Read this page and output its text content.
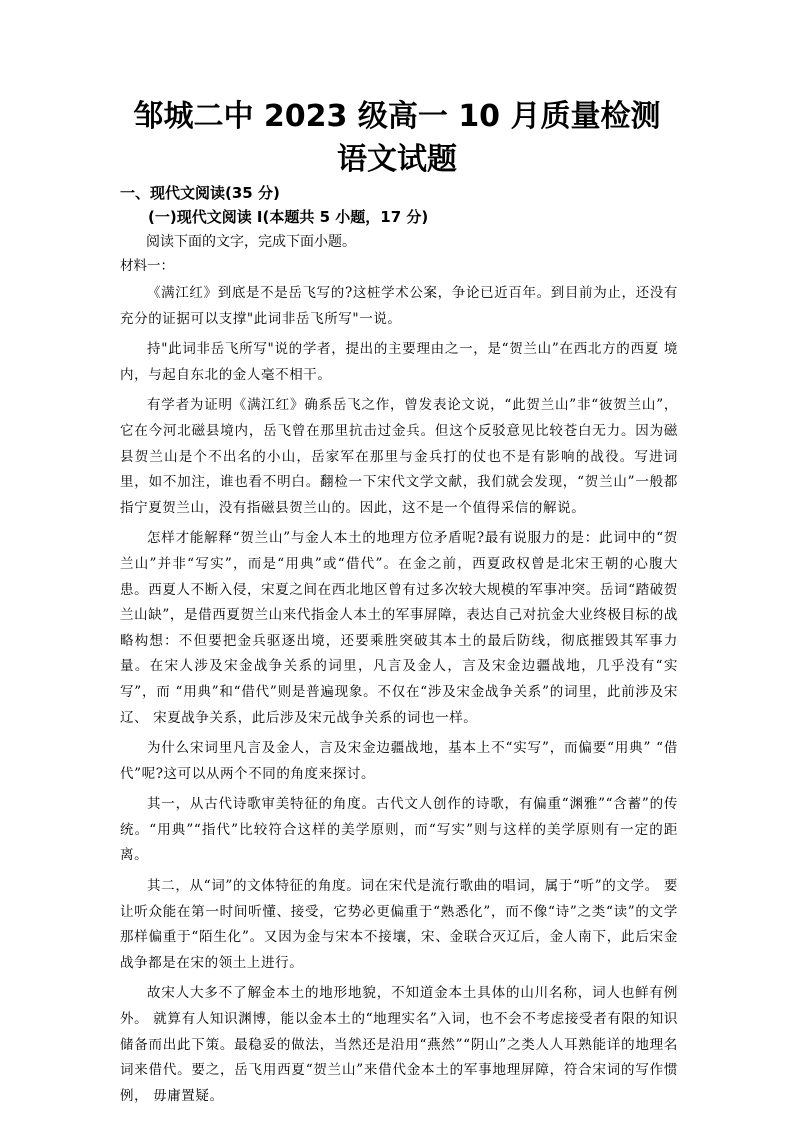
邹城二中 2023 级高一 10 月质量检测
语文试题

一、现代文阅读(35 分)

(一)现代文阅读 I(本题共 5 小题，17 分)

阅读下面的文字，完成下面小题。

材料一：

《满江红》到底是不是岳飞写的?这桩学术公案，争论已近百年。到目前为止，还没有充分的证据可以支撑"此词非岳飞所写"一说。

持"此词非岳飞所写"说的学者，提出的主要理由之一，是“贺兰山”在西北方的西夏 境内，与起自东北的金人毫不相干。

有学者为证明《满江红》确系岳飞之作，曾发表论文说，“此贺兰山”非“彼贺兰山”，它在今河北磁县境内，岳飞曾在那里抗击过金兵。但这个反驳意见比较苍白无力。因为磁县贺兰山是个不出名的小山，岳家军在那里与金兵打的仗也不是有影响的战役。写进词里，如不加注，谁也看不明白。翻检一下宋代文学文献，我们就会发现，“贺兰山”一般都指宁夏贺兰山，没有指磁县贺兰山的。因此，这不是一个值得采信的解说。

怎样才能解释“贺兰山”与金人本土的地理方位矛盾呢?最有说服力的是：此词中的“贺兰山”并非“写实”，而是“用典”或“借代”。在金之前，西夏政权曾是北宋王朝的心腹大患。西夏人不断入侵，宋夏之间在西北地区曾有过多次较大规模的军事冲突。岳词“踏破贺兰山缺”，是借西夏贺兰山来代指金人本土的军事屏障，表达自己对抗金大业终极目标的战略构想：不但要把金兵驱逐出境，还要乘胜突破其本土的最后防线，彻底摧毁其军事力量。在宋人涉及宋金战争关系的词里，凡言及金人，言及宋金边疆战地，几乎没有“实写”，而 “用典”和“借代”则是普遍现象。不仅在“涉及宋金战争关系”的词里，此前涉及宋辽、 宋夏战争关系，此后涉及宋元战争关系的词也一样。

为什么宋词里凡言及金人，言及宋金边疆战地，基本上不“实写”，而偏要“用典” “借代”呢?这可以从两个不同的角度来探讨。

其一，从古代诗歌审美特征的角度。古代文人创作的诗歌，有偏重“渊雅”“含蓄”的传统。“用典”“指代”比较符合这样的美学原则，而“写实”则与这样的美学原则有一定的距离。

其二，从“词”的文体特征的角度。词在宋代是流行歌曲的唱词，属于“听”的文学。 要让听众能在第一时间听懂、接受，它势必更偏重于“熟悉化”，而不像“诗”之类“读”的文学那样偏重于“陌生化”。又因为金与宋本不接壤，宋、金联合灭辽后，金人南下，此后宋金战争都是在宋的领土上进行。

故宋人大多不了解金本土的地形地貌，不知道金本土具体的山川名称，词人也鲜有例外。 就算有人知识渊博，能以金本土的“地理实名”入词，也不会不考虑接受者有限的知识储备而出此下策。最稳妥的做法，当然还是沿用“燕然”“阴山”之类人人耳熟能详的地理名词来借代。要之，岳飞用西夏“贺兰山”来借代金本土的军事地理屏障，符合宋词的写作惯例， 毋庸置疑。
